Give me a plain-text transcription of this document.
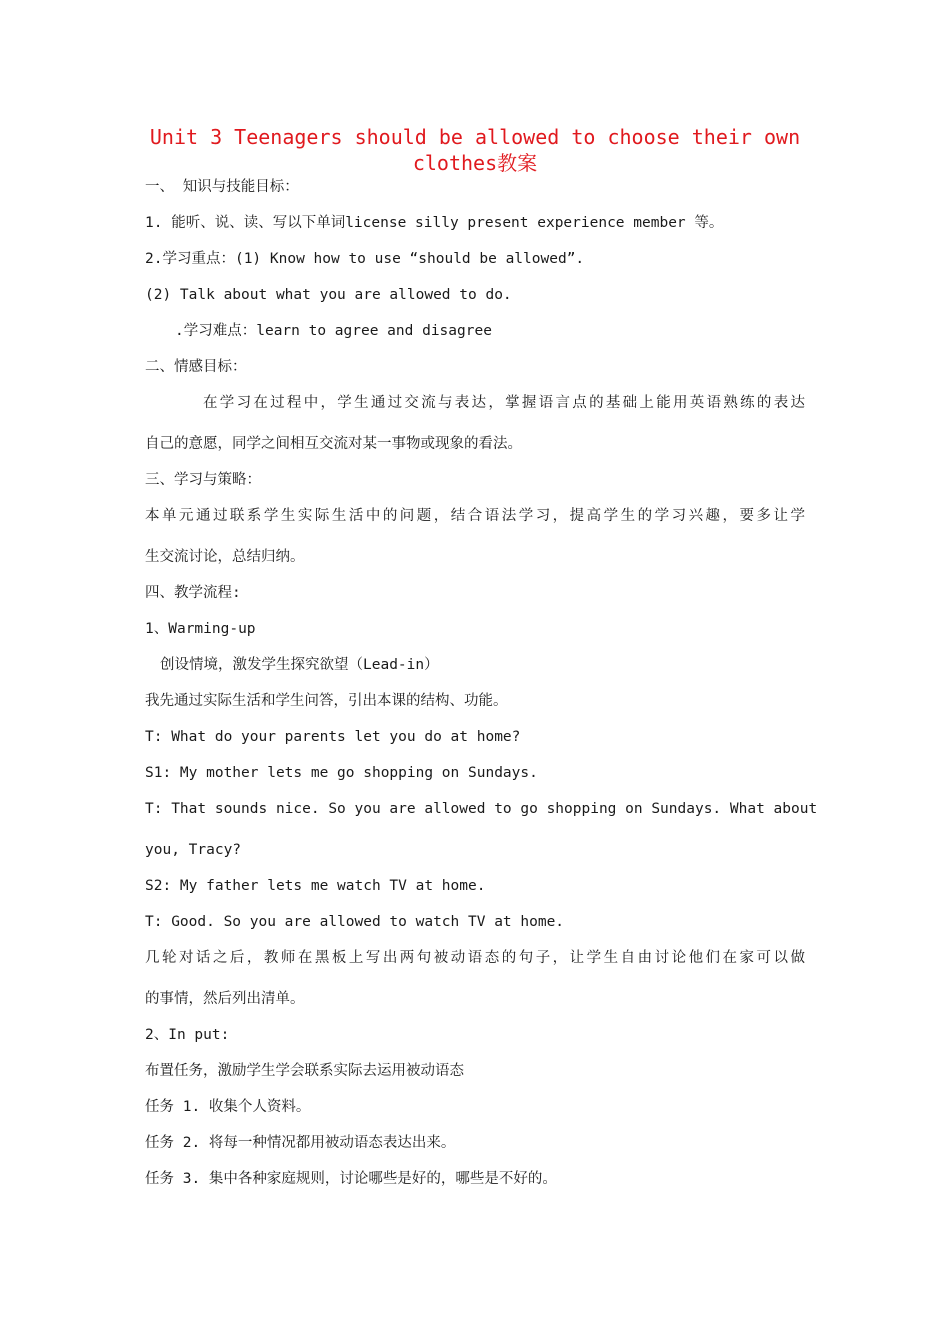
Unit 3 Teenagers should be allowed to choose their own
clothes教案
一、 知识与技能目标：
1. 能听、说、读、写以下单词license silly present experience member 等。
2.学习重点：(1) Know how to use “should be allowed”.
(2) Talk about what you are allowed to do.
.学习难点：learn to agree and disagree
二、情感目标：
在学习在过程中，学生通过交流与表达，掌握语言点的基础上能用英语熟练的表达
自己的意愿，同学之间相互交流对某一事物或现象的看法。
三、学习与策略：
本单元通过联系学生实际生活中的问题，结合语法学习，提高学生的学习兴趣，要多让学
生交流讨论，总结归纳。
四、教学流程:
1、Warming-up
创设情境，激发学生探究欲望（Lead-in）
我先通过实际生活和学生问答，引出本课的结构、功能。
T: What do your parents let you do at home?
S1: My mother lets me go shopping on Sundays.
T: That sounds nice. So you are allowed to go shopping on Sundays. What about
you, Tracy?
S2: My father lets me watch TV at home.
T: Good. So you are allowed to watch TV at home.
几轮对话之后，教师在黑板上写出两句被动语态的句子，让学生自由讨论他们在家可以做
的事情，然后列出清单。
2、In put:
布置任务，激励学生学会联系实际去运用被动语态
任务 1. 收集个人资料。
任务 2. 将每一种情况都用被动语态表达出来。
任务 3. 集中各种家庭规则，讨论哪些是好的，哪些是不好的。
